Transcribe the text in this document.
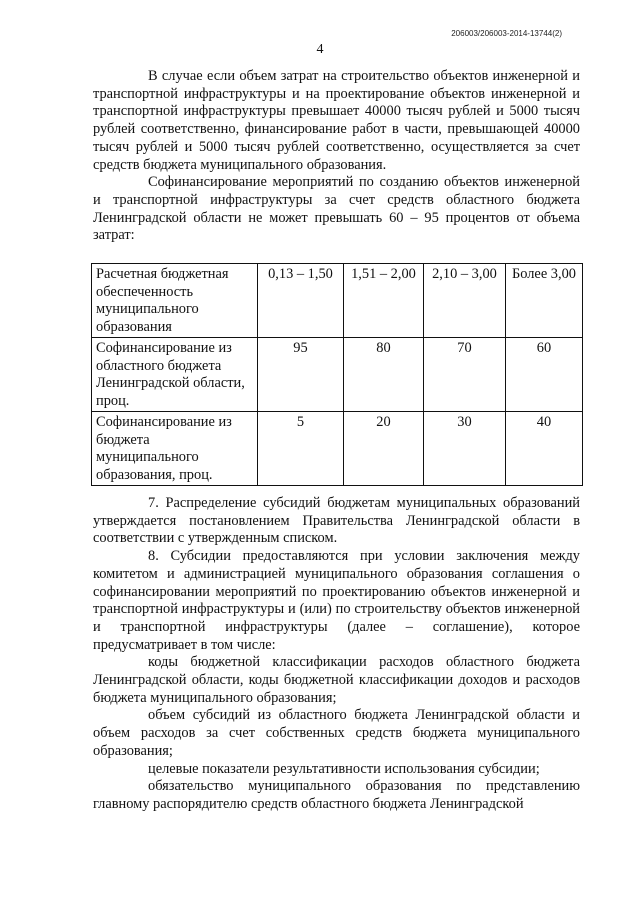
206003/206003-2014-13744(2)
4

В случае если объем затрат на строительство объектов инженерной и транспортной инфраструктуры и на проектирование объектов инженерной и транспортной инфраструктуры превышает 40000 тысяч рублей и 5000 тысяч рублей соответственно, финансирование работ в части, превышающей 40000 тысяч рублей и 5000 тысяч рублей соответственно, осуществляется за счет средств бюджета муниципального образования.

Софинансирование мероприятий по созданию объектов инженерной и транспортной инфраструктуры за счет средств областного бюджета Ленинградской области не может превышать 60 – 95 процентов от объема затрат:

Расчетная бюджетная обеспеченность муниципального образования	0,13 – 1,50	1,51 – 2,00	2,10 – 3,00	Более 3,00
Софинансирование из областного бюджета Ленинградской области, проц.	95	80	70	60
Софинансирование из бюджета муниципального образования, проц.	5	20	30	40

7. Распределение субсидий бюджетам муниципальных образований утверждается постановлением Правительства Ленинградской области в соответствии с утвержденным списком.

8. Субсидии предоставляются при условии заключения между комитетом и администрацией муниципального образования соглашения о софинансировании мероприятий по проектированию объектов инженерной и транспортной инфраструктуры и (или) по строительству объектов инженерной и транспортной инфраструктуры (далее – соглашение), которое предусматривает в том числе:

коды бюджетной классификации расходов областного бюджета Ленинградской области, коды бюджетной классификации доходов и расходов бюджета муниципального образования;

объем субсидий из областного бюджета Ленинградской области и объем расходов за счет собственных средств бюджета муниципального образования;

целевые показатели результативности использования субсидии;

обязательство муниципального образования по представлению главному распорядителю средств областного бюджета Ленинградской
